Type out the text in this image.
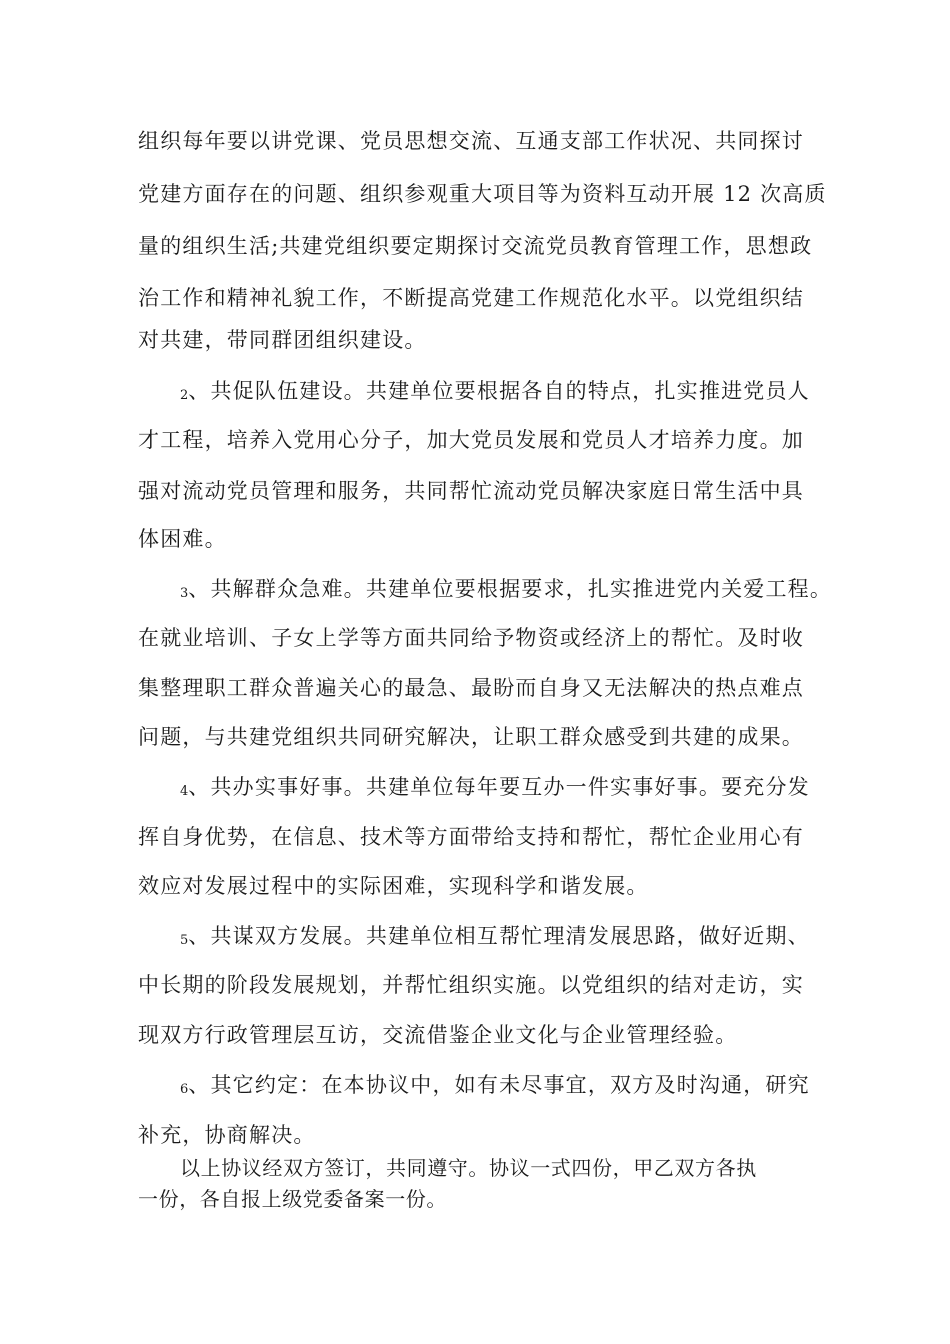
组织每年要以讲党课、党员思想交流、互通支部工作状况、共同探讨
党建方面存在的问题、组织参观重大项目等为资料互动开展 12 次高质
量的组织生活;共建党组织要定期探讨交流党员教育管理工作，思想政
治工作和精神礼貌工作，不断提高党建工作规范化水平。以党组织结
对共建，带同群团组织建设。
2、共促队伍建设。共建单位要根据各自的特点，扎实推进党员人
才工程，培养入党用心分子，加大党员发展和党员人才培养力度。加
强对流动党员管理和服务，共同帮忙流动党员解决家庭日常生活中具
体困难。
3、共解群众急难。共建单位要根据要求，扎实推进党内关爱工程。
在就业培训、子女上学等方面共同给予物资或经济上的帮忙。及时收
集整理职工群众普遍关心的最急、最盼而自身又无法解决的热点难点
问题，与共建党组织共同研究解决，让职工群众感受到共建的成果。
4、共办实事好事。共建单位每年要互办一件实事好事。要充分发
挥自身优势，在信息、技术等方面带给支持和帮忙，帮忙企业用心有
效应对发展过程中的实际困难，实现科学和谐发展。
5、共谋双方发展。共建单位相互帮忙理清发展思路，做好近期、
中长期的阶段发展规划，并帮忙组织实施。以党组织的结对走访，实
现双方行政管理层互访，交流借鉴企业文化与企业管理经验。
6、其它约定：在本协议中，如有未尽事宜，双方及时沟通，研究
补充，协商解决。
以上协议经双方签订，共同遵守。协议一式四份，甲乙双方各执
一份，各自报上级党委备案一份。
